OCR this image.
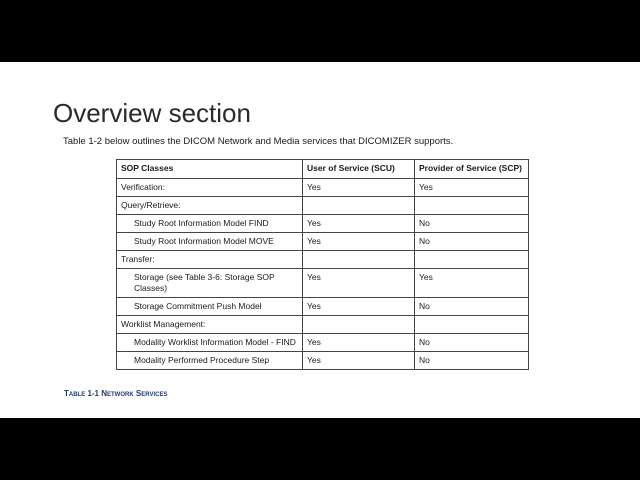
Overview section

Table 1-2 below outlines the DICOM Network and Media services that DICOMIZER supports.

SOP Classes	User of Service (SCU)	Provider of Service (SCP)
Verification:	Yes	Yes
Query/Retrieve:		
Study Root Information Model FIND	Yes	No
Study Root Information Model MOVE	Yes	No
Transfer:		
Storage (see Table 3-6: Storage SOP Classes)	Yes	Yes
Storage Commitment Push Model	Yes	No
Worklist Management:		
Modality Worklist Information Model - FIND	Yes	No
Modality Performed Procedure Step	Yes	No

Table 1-1 Network Services
